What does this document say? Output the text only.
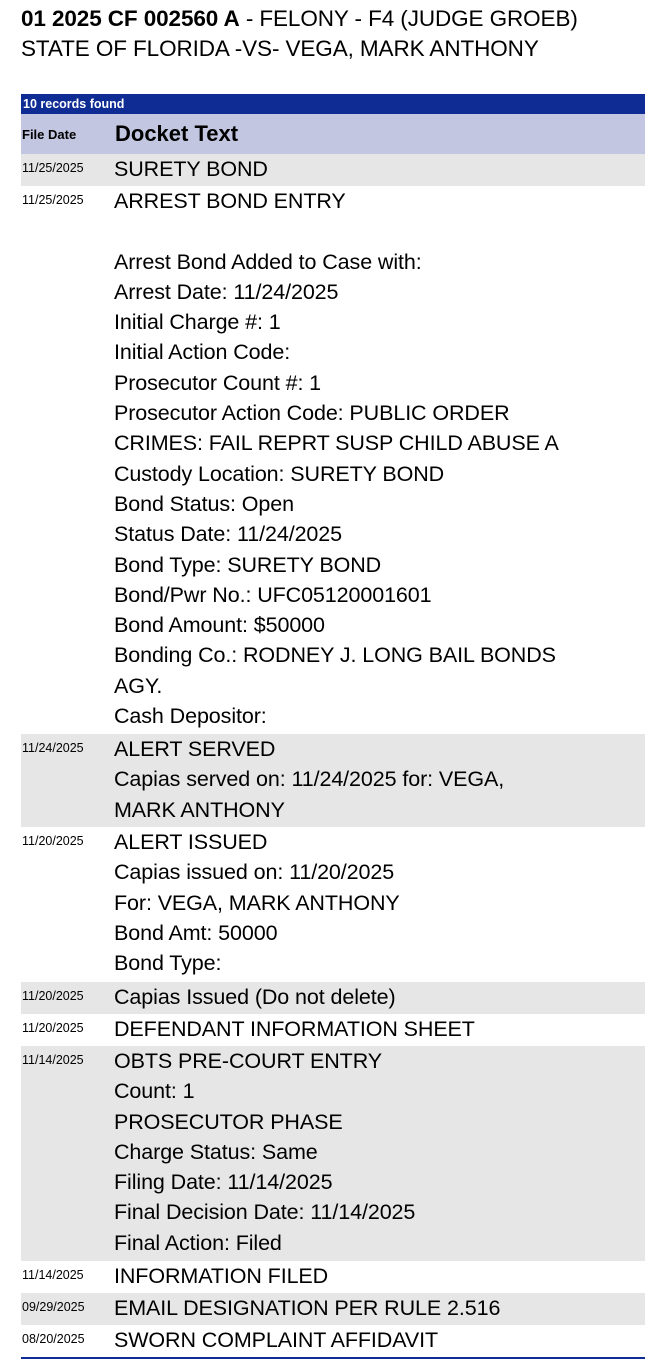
01 2025 CF 002560 A - FELONY - F4 (JUDGE GROEB)
STATE OF FLORIDA -VS- VEGA, MARK ANTHONY
10 records found
File Date	Docket Text
11/25/2025	SURETY BOND
11/25/2025	ARREST BOND ENTRY

Arrest Bond Added to Case with:
Arrest Date: 11/24/2025
Initial Charge #: 1
Initial Action Code:
Prosecutor Count #: 1
Prosecutor Action Code: PUBLIC ORDER
CRIMES: FAIL REPRT SUSP CHILD ABUSE A
Custody Location: SURETY BOND
Bond Status: Open
Status Date: 11/24/2025
Bond Type: SURETY BOND
Bond/Pwr No.: UFC05120001601
Bond Amount: $50000
Bonding Co.: RODNEY J. LONG BAIL BONDS
AGY.
Cash Depositor:
11/24/2025	ALERT SERVED
Capias served on: 11/24/2025 for: VEGA,
MARK ANTHONY
11/20/2025	ALERT ISSUED
Capias issued on: 11/20/2025
For: VEGA, MARK ANTHONY
Bond Amt: 50000
Bond Type:
11/20/2025	Capias Issued (Do not delete)
11/20/2025	DEFENDANT INFORMATION SHEET
11/14/2025	OBTS PRE-COURT ENTRY
Count: 1
PROSECUTOR PHASE
Charge Status: Same
Filing Date: 11/14/2025
Final Decision Date: 11/14/2025
Final Action: Filed
11/14/2025	INFORMATION FILED
09/29/2025	EMAIL DESIGNATION PER RULE 2.516
08/20/2025	SWORN COMPLAINT AFFIDAVIT
